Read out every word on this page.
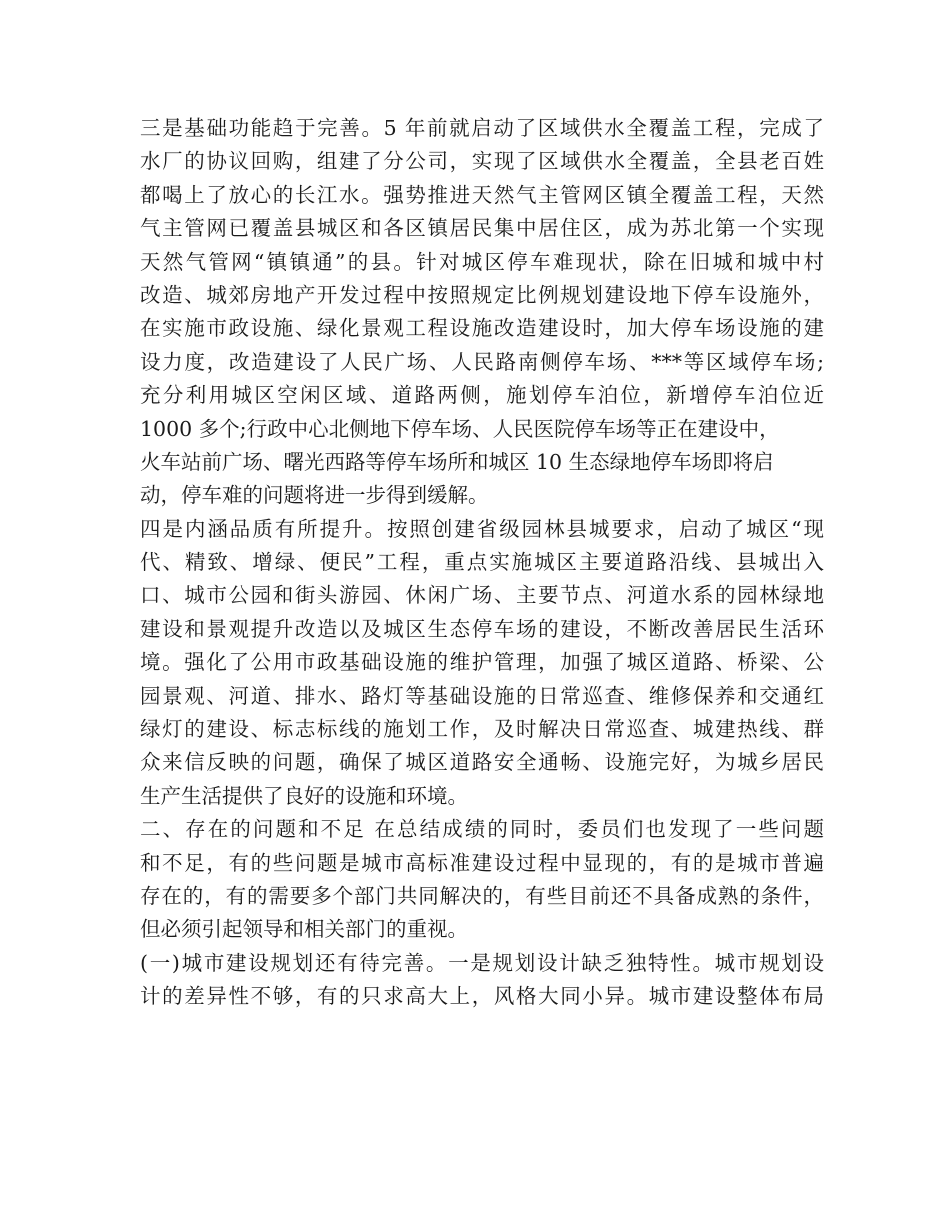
三是基础功能趋于完善。5 年前就启动了区域供水全覆盖工程，完成了
水厂的协议回购，组建了分公司，实现了区域供水全覆盖，全县老百姓
都喝上了放心的长江水。强势推进天然气主管网区镇全覆盖工程，天然
气主管网已覆盖县城区和各区镇居民集中居住区，成为苏北第一个实现
天然气管网“镇镇通”的县。针对城区停车难现状，除在旧城和城中村
改造、城郊房地产开发过程中按照规定比例规划建设地下停车设施外，
在实施市政设施、绿化景观工程设施改造建设时，加大停车场设施的建
设力度，改造建设了人民广场、人民路南侧停车场、***等区域停车场;
充分利用城区空闲区域、道路两侧，施划停车泊位，新增停车泊位近
1000 多个;行政中心北侧地下停车场、人民医院停车场等正在建设中，
火车站前广场、曙光西路等停车场所和城区 10 生态绿地停车场即将启
动，停车难的问题将进一步得到缓解。
四是内涵品质有所提升。按照创建省级园林县城要求，启动了城区“现
代、精致、增绿、便民”工程，重点实施城区主要道路沿线、县城出入
口、城市公园和街头游园、休闲广场、主要节点、河道水系的园林绿地
建设和景观提升改造以及城区生态停车场的建设，不断改善居民生活环
境。强化了公用市政基础设施的维护管理，加强了城区道路、桥梁、公
园景观、河道、排水、路灯等基础设施的日常巡查、维修保养和交通红
绿灯的建设、标志标线的施划工作，及时解决日常巡查、城建热线、群
众来信反映的问题，确保了城区道路安全通畅、设施完好，为城乡居民
生产生活提供了良好的设施和环境。
二、存在的问题和不足 在总结成绩的同时，委员们也发现了一些问题
和不足，有的些问题是城市高标准建设过程中显现的，有的是城市普遍
存在的，有的需要多个部门共同解决的，有些目前还不具备成熟的条件，
但必须引起领导和相关部门的重视。
(一)城市建设规划还有待完善。一是规划设计缺乏独特性。城市规划设
计的差异性不够，有的只求高大上，风格大同小异。城市建设整体布局
